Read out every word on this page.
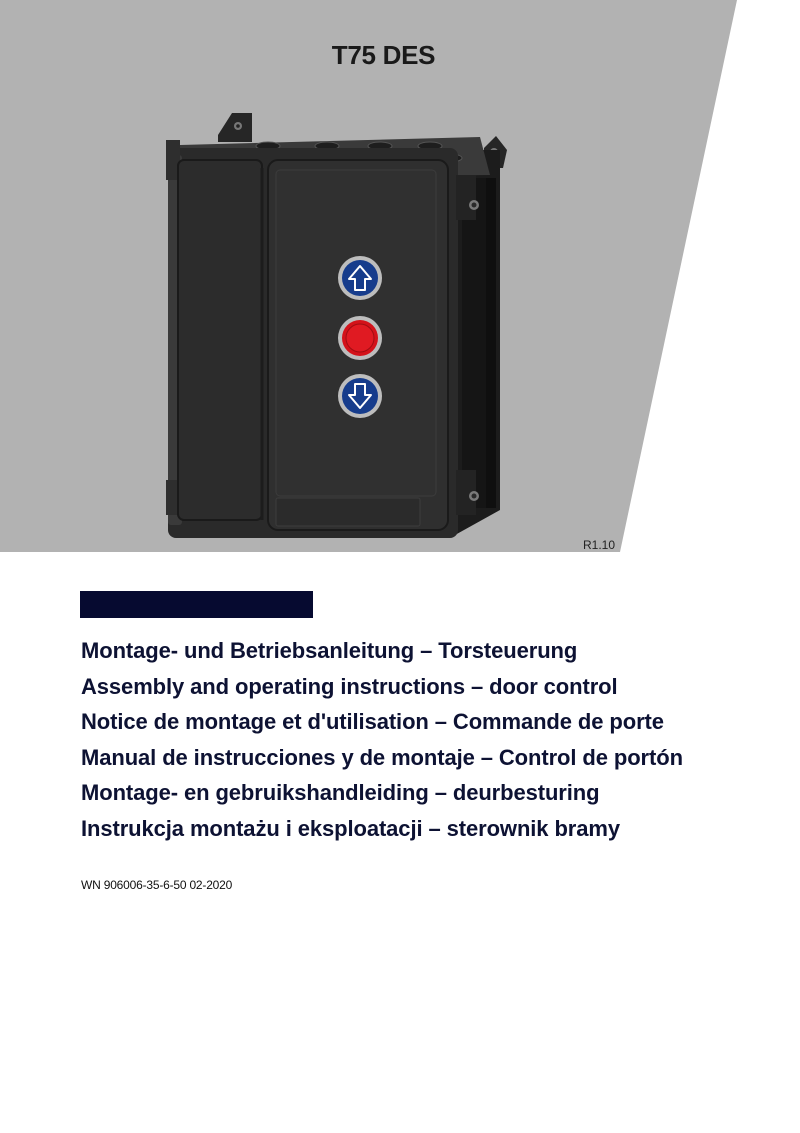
T75 DES
R1.10
Montage- und Betriebsanleitung – Torsteuerung
Assembly and operating instructions – door control
Notice de montage et d'utilisation – Commande de porte
Manual de instrucciones y de montaje – Control de portón
Montage- en gebruikshandleiding – deurbesturing
Instrukcja montażu i eksploatacji – sterownik bramy
WN 906006-35-6-50 02-2020
